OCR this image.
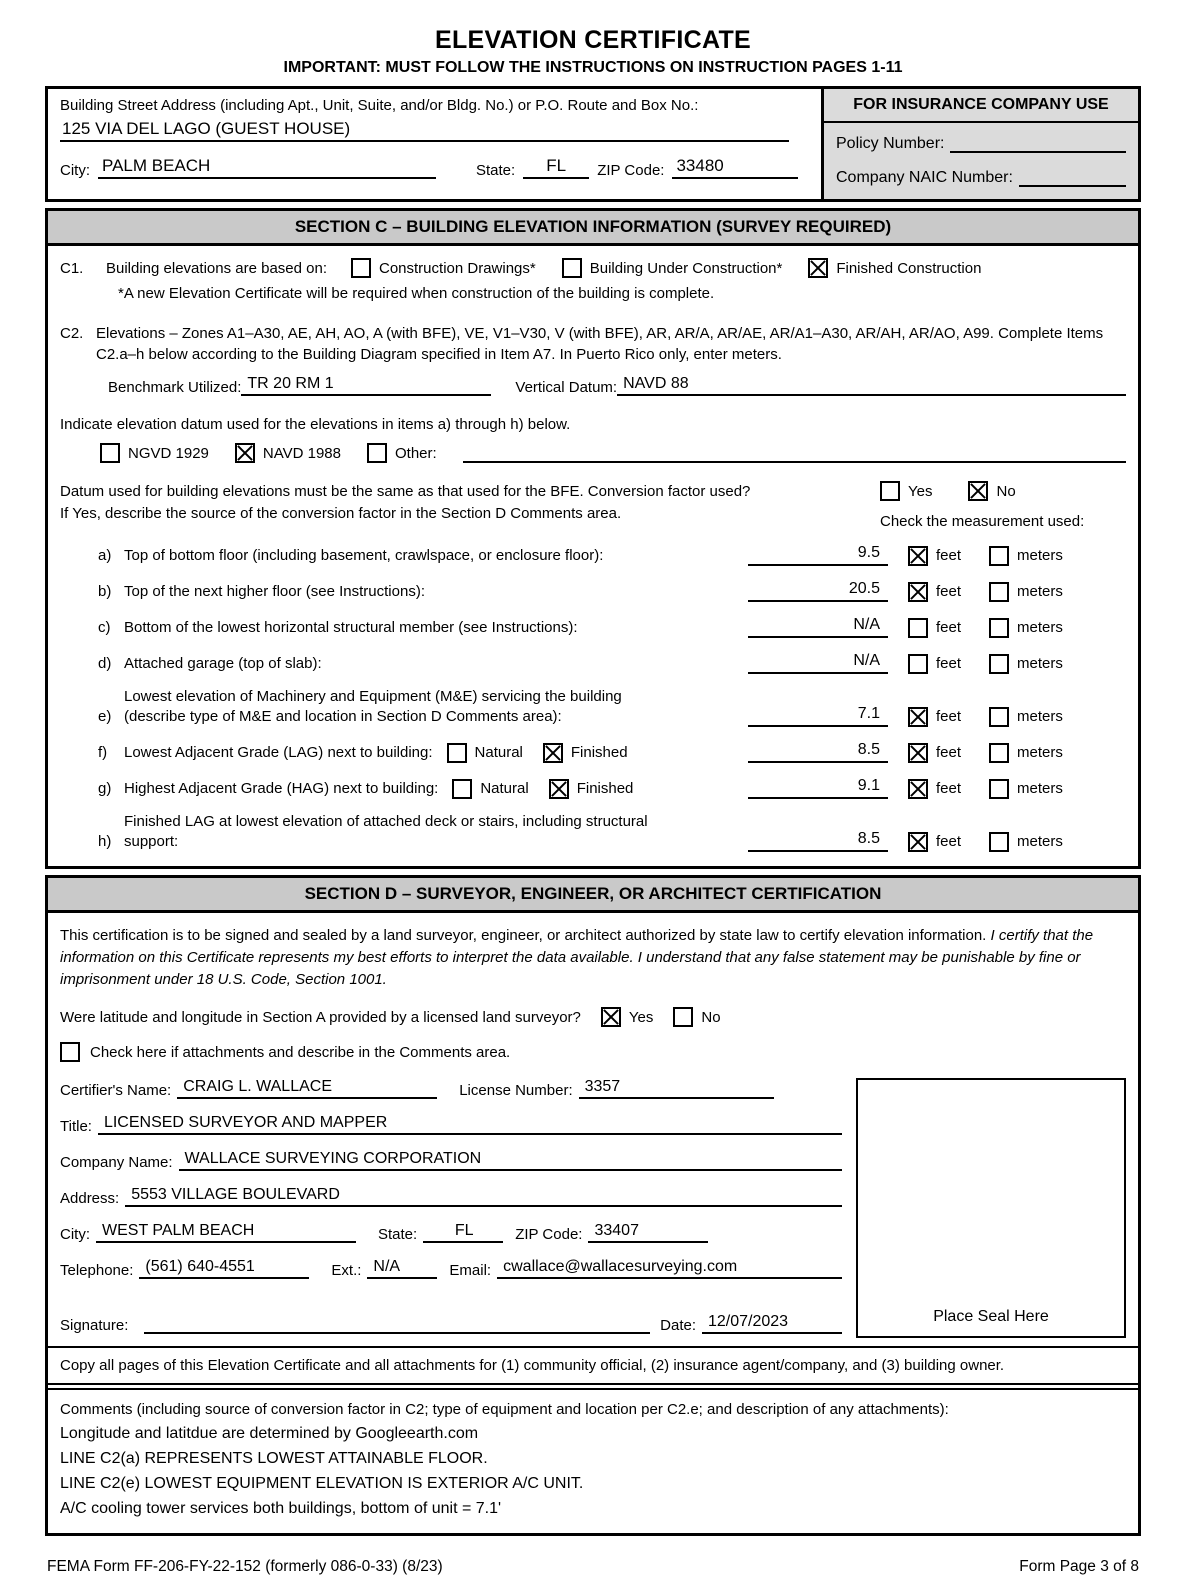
ELEVATION CERTIFICATE
IMPORTANT: MUST FOLLOW THE INSTRUCTIONS ON INSTRUCTION PAGES 1-11
Building Street Address (including Apt., Unit, Suite, and/or Bldg. No.) or P.O. Route and Box No.:
125 VIA DEL LAGO (GUEST HOUSE)
City: PALM BEACH	State:	FL	ZIP Code: 33480
FOR INSURANCE COMPANY USE
Policy Number:
Company NAIC Number:
SECTION C – BUILDING ELEVATION INFORMATION (SURVEY REQUIRED)
C1.	Building elevations are based on:	Construction Drawings*	Building Under Construction*	Finished Construction
*A new Elevation Certificate will be required when construction of the building is complete.
C2. Elevations – Zones A1–A30, AE, AH, AO, A (with BFE), VE, V1–V30, V (with BFE), AR, AR/A, AR/AE, AR/A1–A30, AR/AH, AR/AO, A99. Complete Items C2.a–h below according to the Building Diagram specified in Item A7. In Puerto Rico only, enter meters.
Benchmark Utilized: TR 20 RM 1	Vertical Datum: NAVD 88
Indicate elevation datum used for the elevations in items a) through h) below.
NGVD 1929	NAVD 1988	Other:
Datum used for building elevations must be the same as that used for the BFE. Conversion factor used?
If Yes, describe the source of the conversion factor in the Section D Comments area.
Yes	No
Check the measurement used:
a) Top of bottom floor (including basement, crawlspace, or enclosure floor):	9.5	feet	meters
b) Top of the next higher floor (see Instructions):	20.5	feet	meters
c) Bottom of the lowest horizontal structural member (see Instructions):	N/A	feet	meters
d) Attached garage (top of slab):	N/A	feet	meters
e)
Lowest elevation of Machinery and Equipment (M&E) servicing the building
(describe type of M&E and location in Section D Comments area):	7.1	feet	meters
f)	Lowest Adjacent Grade (LAG) next to building:	Natural	Finished	8.5	feet	meters
g) Highest Adjacent Grade (HAG) next to building:	Natural	Finished	9.1	feet	meters
h)
Finished LAG at lowest elevation of attached deck or stairs, including structural
support:	8.5	feet	meters
SECTION D – SURVEYOR, ENGINEER, OR ARCHITECT CERTIFICATION
This certification is to be signed and sealed by a land surveyor, engineer, or architect authorized by state law to certify elevation information. I certify that the information on this Certificate represents my best efforts to interpret the data available. I understand that any false statement may be punishable by fine or imprisonment under 18 U.S. Code, Section 1001.
Were latitude and longitude in Section A provided by a licensed land surveyor?	Yes	No
Check here if attachments and describe in the Comments area.
Certifier's Name: CRAIG L. WALLACE	License Number: 3357
Title: LICENSED SURVEYOR AND MAPPER
Company Name: WALLACE SURVEYING CORPORATION
Address: 5553 VILLAGE BOULEVARD
City: WEST PALM BEACH	State:	FL	ZIP Code: 33407
Telephone: (561) 640-4551	Ext.: N/A	Email: cwallace@wallacesurveying.com
Signature:	Date: 12/07/2023	Place Seal Here
Copy all pages of this Elevation Certificate and all attachments for (1) community official, (2) insurance agent/company, and (3) building owner.
Comments (including source of conversion factor in C2; type of equipment and location per C2.e; and description of any attachments):
Longitude and latitdue are determined by Googleearth.com
LINE C2(a) REPRESENTS LOWEST ATTAINABLE FLOOR.
LINE C2(e) LOWEST EQUIPMENT ELEVATION IS EXTERIOR A/C UNIT.
A/C cooling tower services both buildings, bottom of unit = 7.1'
FEMA Form FF-206-FY-22-152 (formerly 086-0-33) (8/23)	Form Page 3 of 8
